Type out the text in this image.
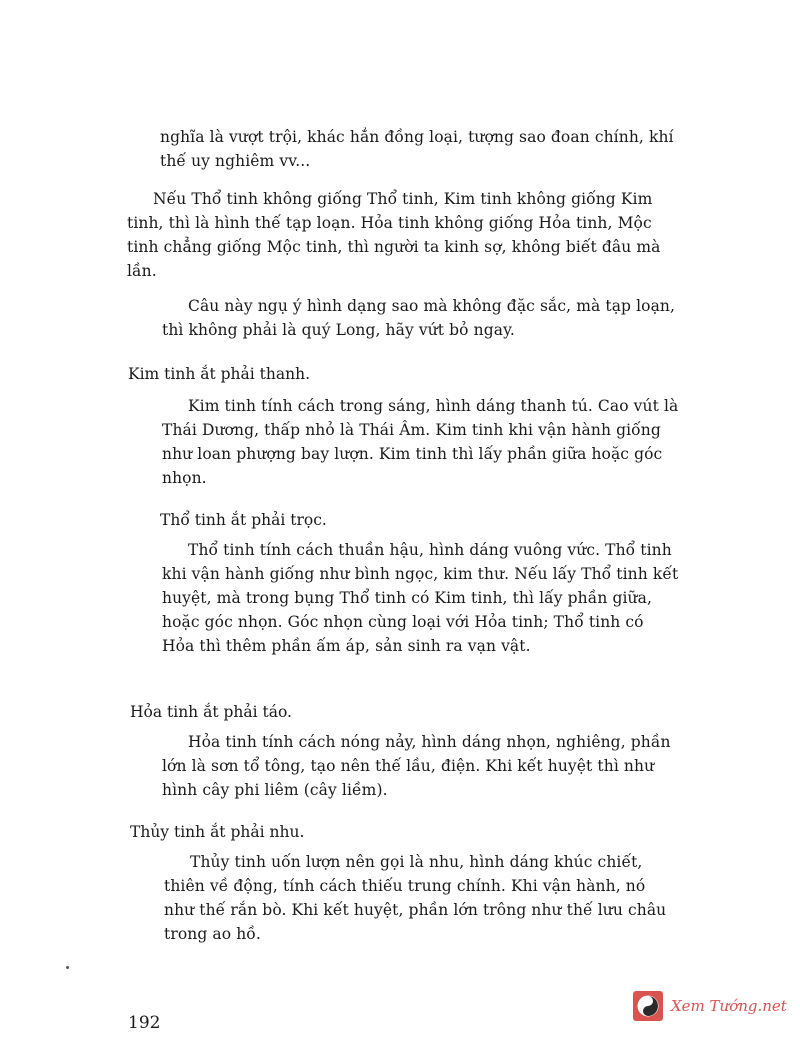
nghĩa là vượt trội, khác hẳn đồng loại, tượng sao đoan chính, khí thế uy nghiêm vv...

Nếu Thổ tinh không giống Thổ tinh, Kim tinh không giống Kim tinh, thì là hình thế tạp loạn. Hỏa tinh không giống Hỏa tinh, Mộc tinh chẳng giống Mộc tinh, thì người ta kinh sợ, không biết đâu mà lần.

Câu này ngụ ý hình dạng sao mà không đặc sắc, mà tạp loạn, thì không phải là quý Long, hãy vứt bỏ ngay.

Kim tinh ắt phải thanh.

Kim tinh tính cách trong sáng, hình dáng thanh tú. Cao vút là Thái Dương, thấp nhỏ là Thái Âm. Kim tinh khi vận hành giống như loan phượng bay lượn. Kim tinh thì lấy phần giữa hoặc góc nhọn.

Thổ tinh ắt phải trọc.

Thổ tinh tính cách thuần hậu, hình dáng vuông vức. Thổ tinh khi vận hành giống như bình ngọc, kim thư. Nếu lấy Thổ tinh kết huyệt, mà trong bụng Thổ tinh có Kim tinh, thì lấy phần giữa, hoặc góc nhọn. Góc nhọn cùng loại với Hỏa tinh; Thổ tinh có Hỏa thì thêm phần ấm áp, sản sinh ra vạn vật.

Hỏa tinh ắt phải táo.

Hỏa tinh tính cách nóng nảy, hình dáng nhọn, nghiêng, phần lớn là sơn tổ tông, tạo nên thế lầu, điện. Khi kết huyệt thì như hình cây phi liêm (cây liềm).

Thủy tinh ắt phải nhu.

Thủy tinh uốn lượn nên gọi là nhu, hình dáng khúc chiết, thiên về động, tính cách thiếu trung chính. Khi vận hành, nó như thế rắn bò. Khi kết huyệt, phần lớn trông như thế lưu châu trong ao hồ.

192
Xem Tướng.net
